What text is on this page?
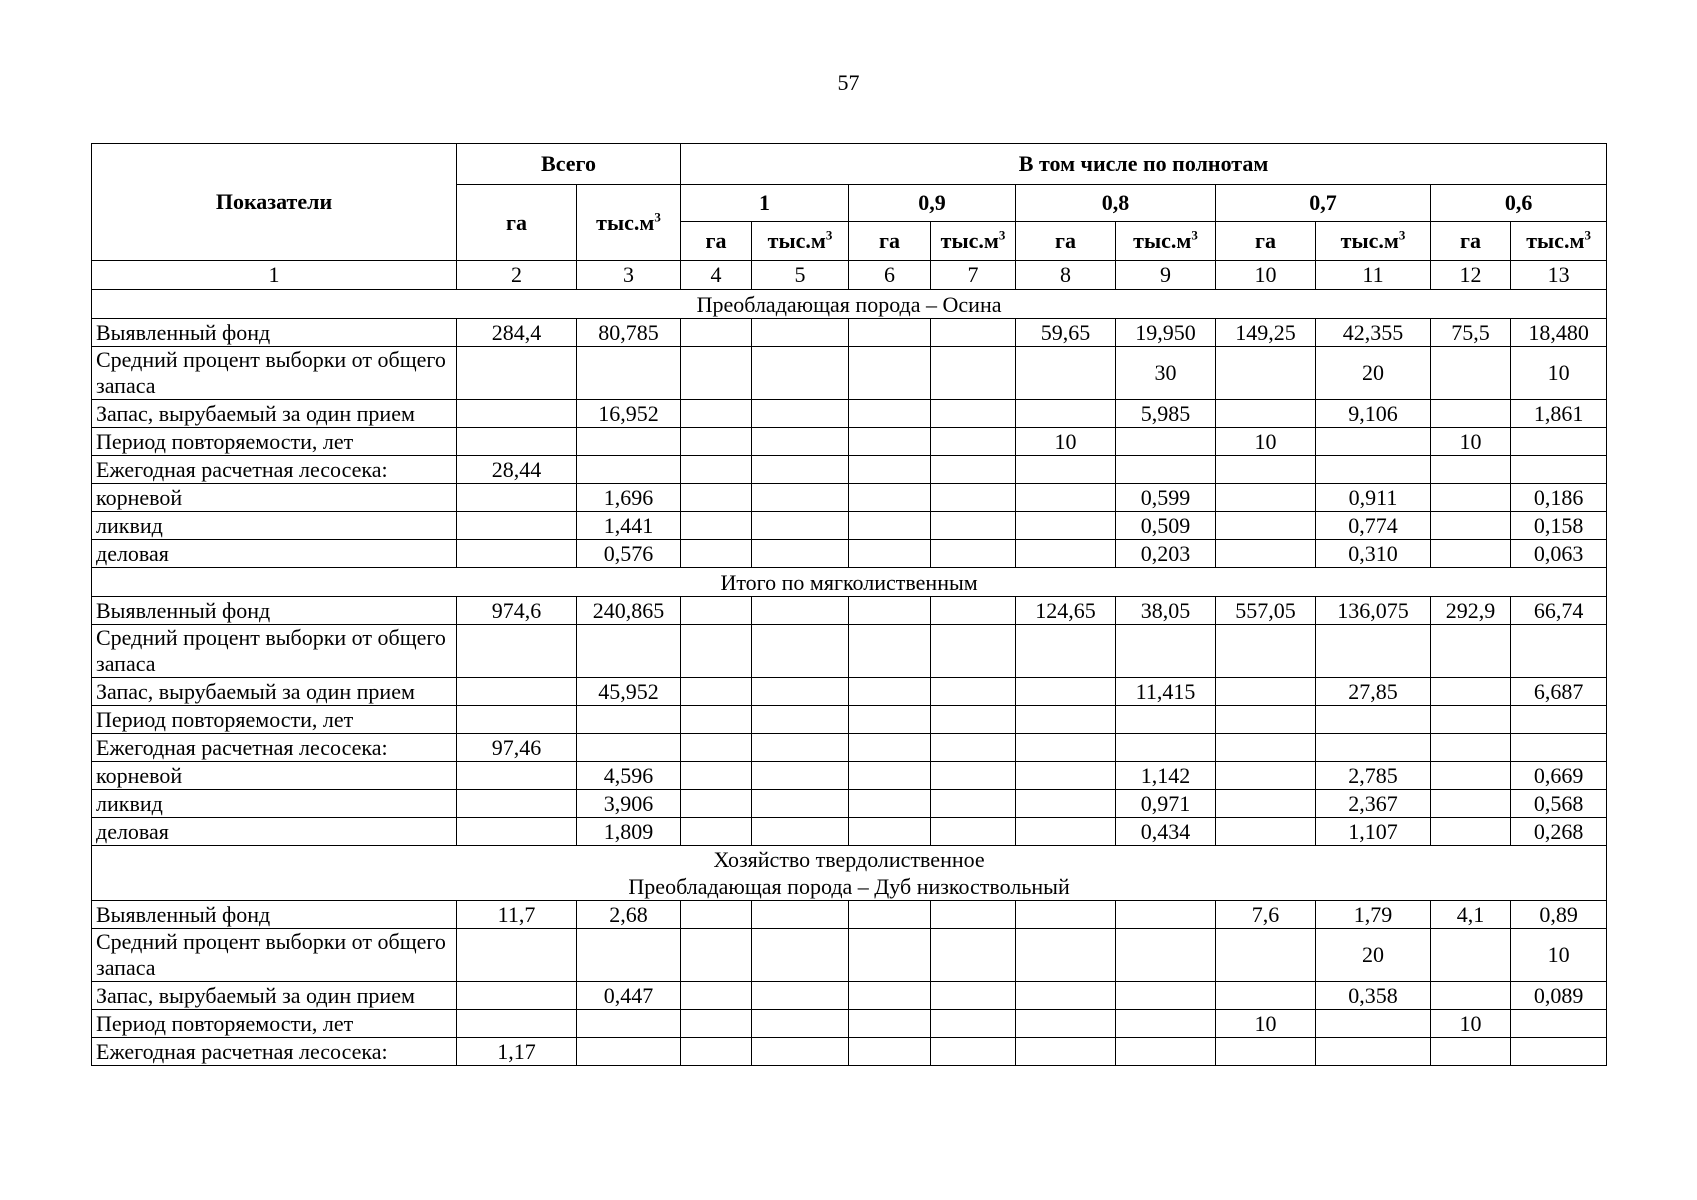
57
Показатели	Всего		В том числе по полнотам									
	га	$тыс.м^3$	1		0,9		0,8		0,7		0,6	
			га	$тыс.м^3$	га	$тыс.м^3$	га	$тыс.м^3$	га	$тыс.м^3$	га	$тыс.м^3$
1	2	3	4	5	6	7	8	9	10	11	12	13

Преобладающая порода – Осина												

Выявленный фонд	284,4	80,785					59,65	19,950	149,25	42,355	75,5	18,480
Средний процент выборки от общего запаса								30		20		10
Запас, вырубаемый за один прием		16,952						5,985		9,106		1,861
Период повторяемости, лет							10		10		10	
Ежегодная расчетная лесосека:	28,44											
корневой		1,696						0,599		0,911		0,186
ликвид		1,441						0,509		0,774		0,158
деловая		0,576						0,203		0,310		0,063

Итого по мягколиственным												

Выявленный фонд	974,6	240,865					124,65	38,05	557,05	136,075	292,9	66,74
Средний процент выборки от общего запаса												
Запас, вырубаемый за один прием		45,952						11,415		27,85		6,687
Период повторяемости, лет												
Ежегодная расчетная лесосека:	97,46											
корневой		4,596						1,142		2,785		0,669
ликвид		3,906						0,971		2,367		0,568
деловая		1,809						0,434		1,107		0,268

Хозяйство твердолиственное
Преобладающая порода – Дуб низкоствольный												

Выявленный фонд	11,7	2,68							7,6	1,79	4,1	0,89
Средний процент выборки от общего запаса										20		10
Запас, вырубаемый за один прием		0,447								0,358		0,089
Период повторяемости, лет									10		10	
Ежегодная расчетная лесосека:	1,17											
